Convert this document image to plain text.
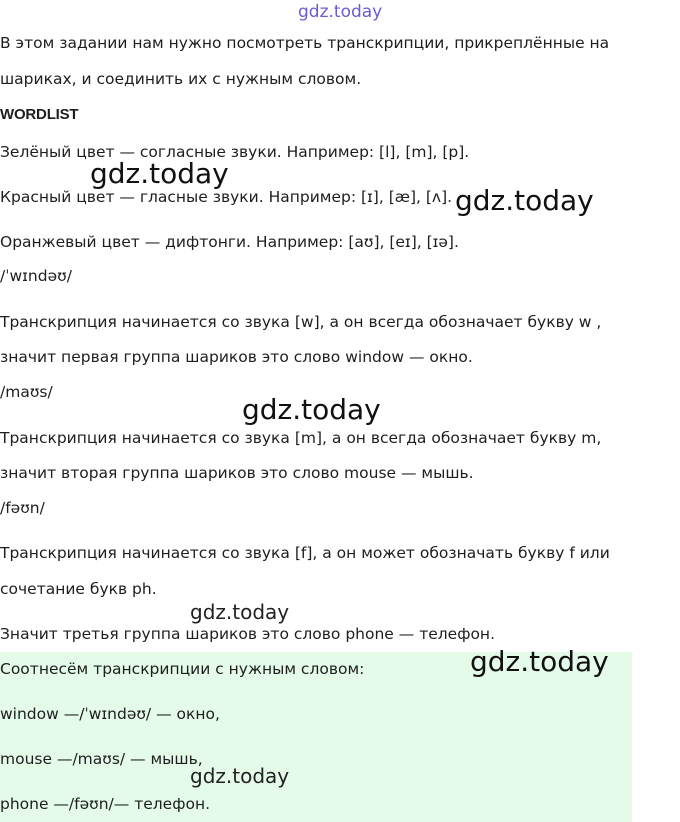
gdz.today
В этом задании нам нужно посмотреть транскрипции, прикреплённые на
шариках, и соединить их с нужным словом.
WORDLIST
Зелёный цвет — согласные звуки. Например: [l], [m], [p].
Красный цвет — гласные звуки. Например: [ɪ], [æ], [ʌ].
Оранжевый цвет — дифтонги. Например: [aʊ], [eɪ], [ɪə].
/ˈwɪndəʊ/
Транскрипция начинается со звука [w], а он всегда обозначает букву w ,
значит первая группа шариков это слово window — окно.
/maʊs/
Транскрипция начинается со звука [m], а он всегда обозначает букву m,
значит вторая группа шариков это слово mouse — мышь.
/fəʊn/
Транскрипция начинается со звука [f], а он может обозначать букву f или
сочетание букв ph.
Значит третья группа шариков это слово phone — телефон.
Соотнесём транскрипции с нужным словом:
window —/ˈwɪndəʊ/ — окно,
mouse —/maʊs/ — мышь,
phone —/fəʊn/— телефон.
gdz.today
gdz.today
gdz.today
gdz.today
gdz.today
gdz.today
